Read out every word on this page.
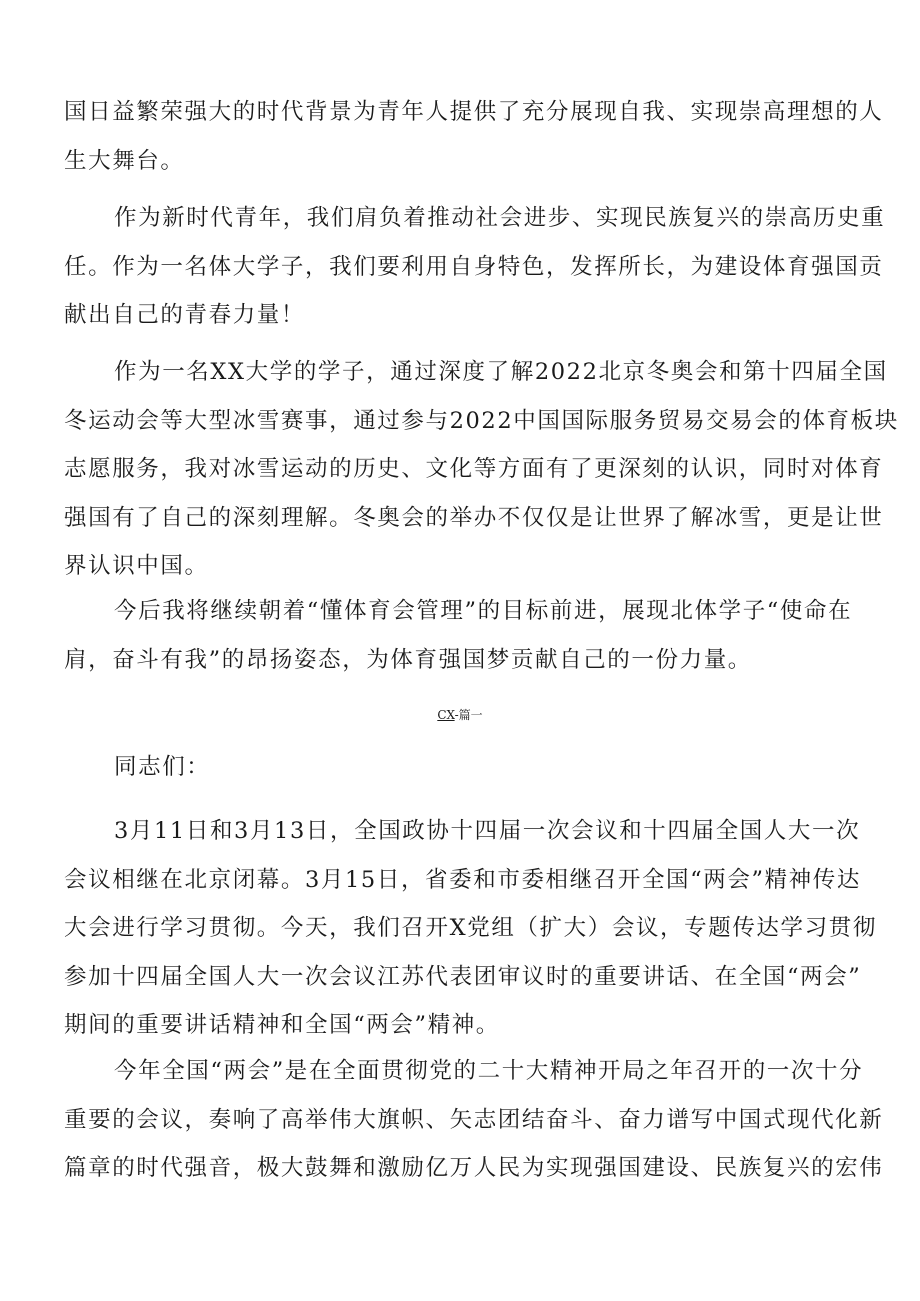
国日益繁荣强大的时代背景为青年人提供了充分展现自我、实现崇高理想的人
生大舞台。
作为新时代青年，我们肩负着推动社会进步、实现民族复兴的崇高历史重
任。作为一名体大学子，我们要利用自身特色，发挥所长，为建设体育强国贡
献出自己的青春力量！
作为一名XX大学的学子，通过深度了解2022北京冬奥会和第十四届全国
冬运动会等大型冰雪赛事，通过参与2022中国国际服务贸易交易会的体育板块
志愿服务，我对冰雪运动的历史、文化等方面有了更深刻的认识，同时对体育
强国有了自己的深刻理解。冬奥会的举办不仅仅是让世界了解冰雪，更是让世
界认识中国。
今后我将继续朝着“懂体育会管理”的目标前进，展现北体学子“使命在
肩，奋斗有我”的昂扬姿态，为体育强国梦贡献自己的一份力量。
CX-篇一
同志们：
3月11日和3月13日，全国政协十四届一次会议和十四届全国人大一次
会议相继在北京闭幕。3月15日，省委和市委相继召开全国“两会”精神传达
大会进行学习贯彻。今天，我们召开X党组（扩大）会议，专题传达学习贯彻
参加十四届全国人大一次会议江苏代表团审议时的重要讲话、在全国“两会”
期间的重要讲话精神和全国“两会”精神。
今年全国“两会”是在全面贯彻党的二十大精神开局之年召开的一次十分
重要的会议，奏响了高举伟大旗帜、矢志团结奋斗、奋力谱写中国式现代化新
篇章的时代强音，极大鼓舞和激励亿万人民为实现强国建设、民族复兴的宏伟
